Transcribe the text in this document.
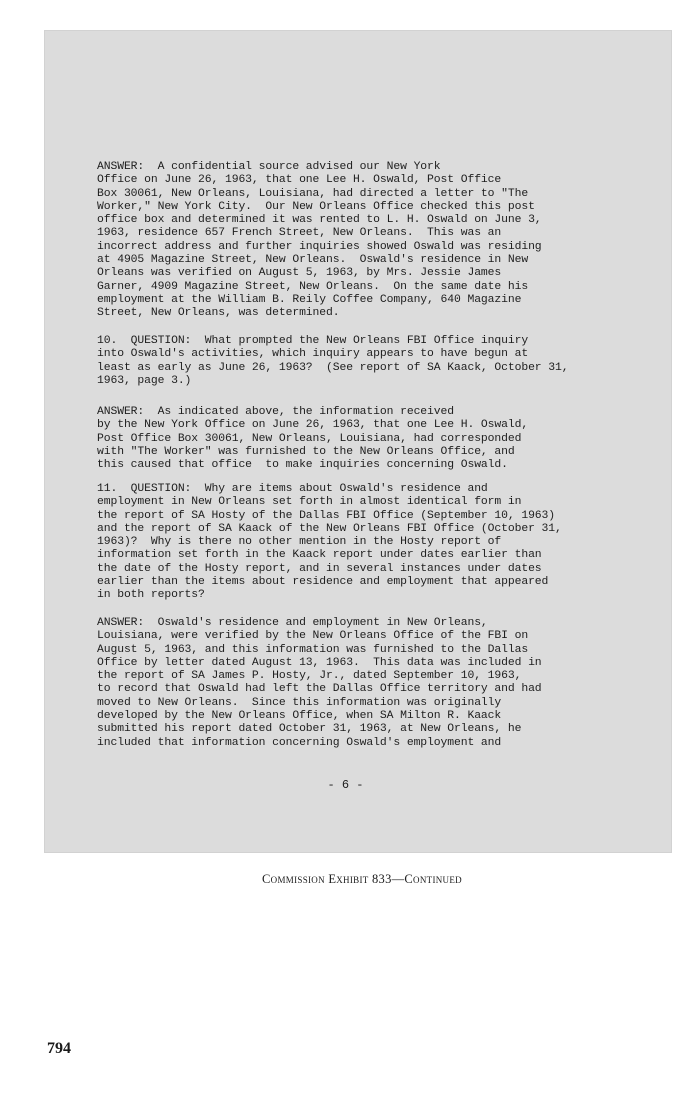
ANSWER:  A confidential source advised our New York
Office on June 26, 1963, that one Lee H. Oswald, Post Office
Box 30061, New Orleans, Louisiana, had directed a letter to "The
Worker," New York City.  Our New Orleans Office checked this post
office box and determined it was rented to L. H. Oswald on June 3,
1963, residence 657 French Street, New Orleans.  This was an
incorrect address and further inquiries showed Oswald was residing
at 4905 Magazine Street, New Orleans.  Oswald's residence in New
Orleans was verified on August 5, 1963, by Mrs. Jessie James
Garner, 4909 Magazine Street, New Orleans.  On the same date his
employment at the William B. Reily Coffee Company, 640 Magazine
Street, New Orleans, was determined.
10.  QUESTION:  What prompted the New Orleans FBI Office inquiry
into Oswald's activities, which inquiry appears to have begun at
least as early as June 26, 1963?  (See report of SA Kaack, October 31,
1963, page 3.)
ANSWER:  As indicated above, the information received
by the New York Office on June 26, 1963, that one Lee H. Oswald,
Post Office Box 30061, New Orleans, Louisiana, had corresponded
with "The Worker" was furnished to the New Orleans Office, and
this caused that office  to make inquiries concerning Oswald.
11.  QUESTION:  Why are items about Oswald's residence and
employment in New Orleans set forth in almost identical form in
the report of SA Hosty of the Dallas FBI Office (September 10, 1963)
and the report of SA Kaack of the New Orleans FBI Office (October 31,
1963)?  Why is there no other mention in the Hosty report of
information set forth in the Kaack report under dates earlier than
the date of the Hosty report, and in several instances under dates
earlier than the items about residence and employment that appeared
in both reports?
ANSWER:  Oswald's residence and employment in New Orleans,
Louisiana, were verified by the New Orleans Office of the FBI on
August 5, 1963, and this information was furnished to the Dallas
Office by letter dated August 13, 1963.  This data was included in
the report of SA James P. Hosty, Jr., dated September 10, 1963,
to record that Oswald had left the Dallas Office territory and had
moved to New Orleans.  Since this information was originally
developed by the New Orleans Office, when SA Milton R. Kaack
submitted his report dated October 31, 1963, at New Orleans, he
included that information concerning Oswald's employment and
- 6 -
Commission Exhibit 833—Continued
794
